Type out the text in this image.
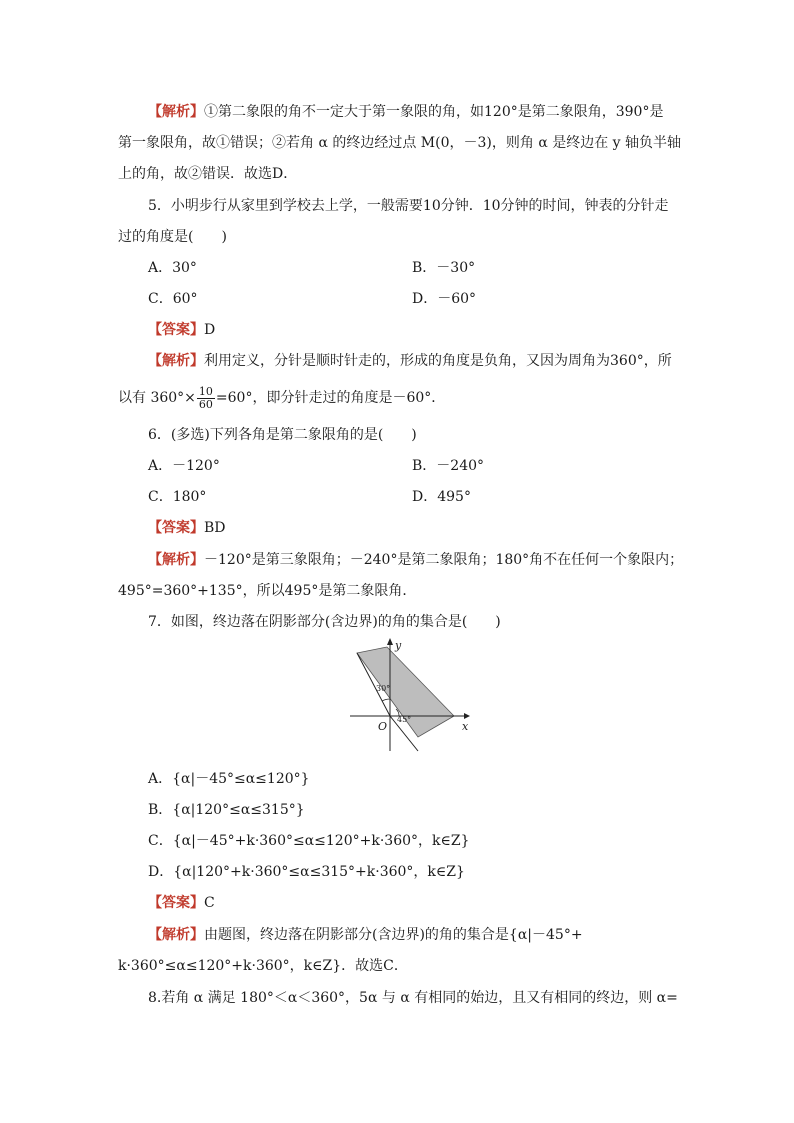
【解析】①第二象限的角不一定大于第一象限的角，如120°是第二象限角，390°是
第一象限角，故①错误；②若角 α 的终边经过点 M(0，－3)，则角 α 是终边在 y 轴负半轴
上的角，故②错误．故选D．
5．小明步行从家里到学校去上学，一般需要10分钟．10分钟的时间，钟表的分针走
过的角度是(　　)
A．30°	B．－30°
C．60°	D．－60°
【答案】D
【解析】利用定义，分针是顺时针走的，形成的角度是负角，又因为周角为360°，所
以有 $360^\circ\times \frac{10}{60} =60^\circ$，即分针走过的角度是－60°．
6．(多选)下列各角是第二象限角的是(　　)
A．－120°	B．－240°
C．180°	D．495°
【答案】BD
【解析】－120°是第三象限角；－240°是第二象限角；180°角不在任何一个象限内；
495°=360°+135°，所以495°是第二象限角．
7．如图，终边落在阴影部分(含边界)的角的集合是(　　)
y
x
O
30°
45°
A．{α|－45°≤α≤120°}
B．{α|120°≤α≤315°}
C．{α|－45°+k·360°≤α≤120°+k·360°，k∈Z}
D．{α|120°+k·360°≤α≤315°+k·360°，k∈Z}
【答案】C
【解析】由题图，终边落在阴影部分(含边界)的角的集合是{α|－45°+
k·360°≤α≤120°+k·360°，k∈Z}．故选C．
8.若角 α 满足 180°＜α＜360°，5α 与 α 有相同的始边，且又有相同的终边，则 α=
